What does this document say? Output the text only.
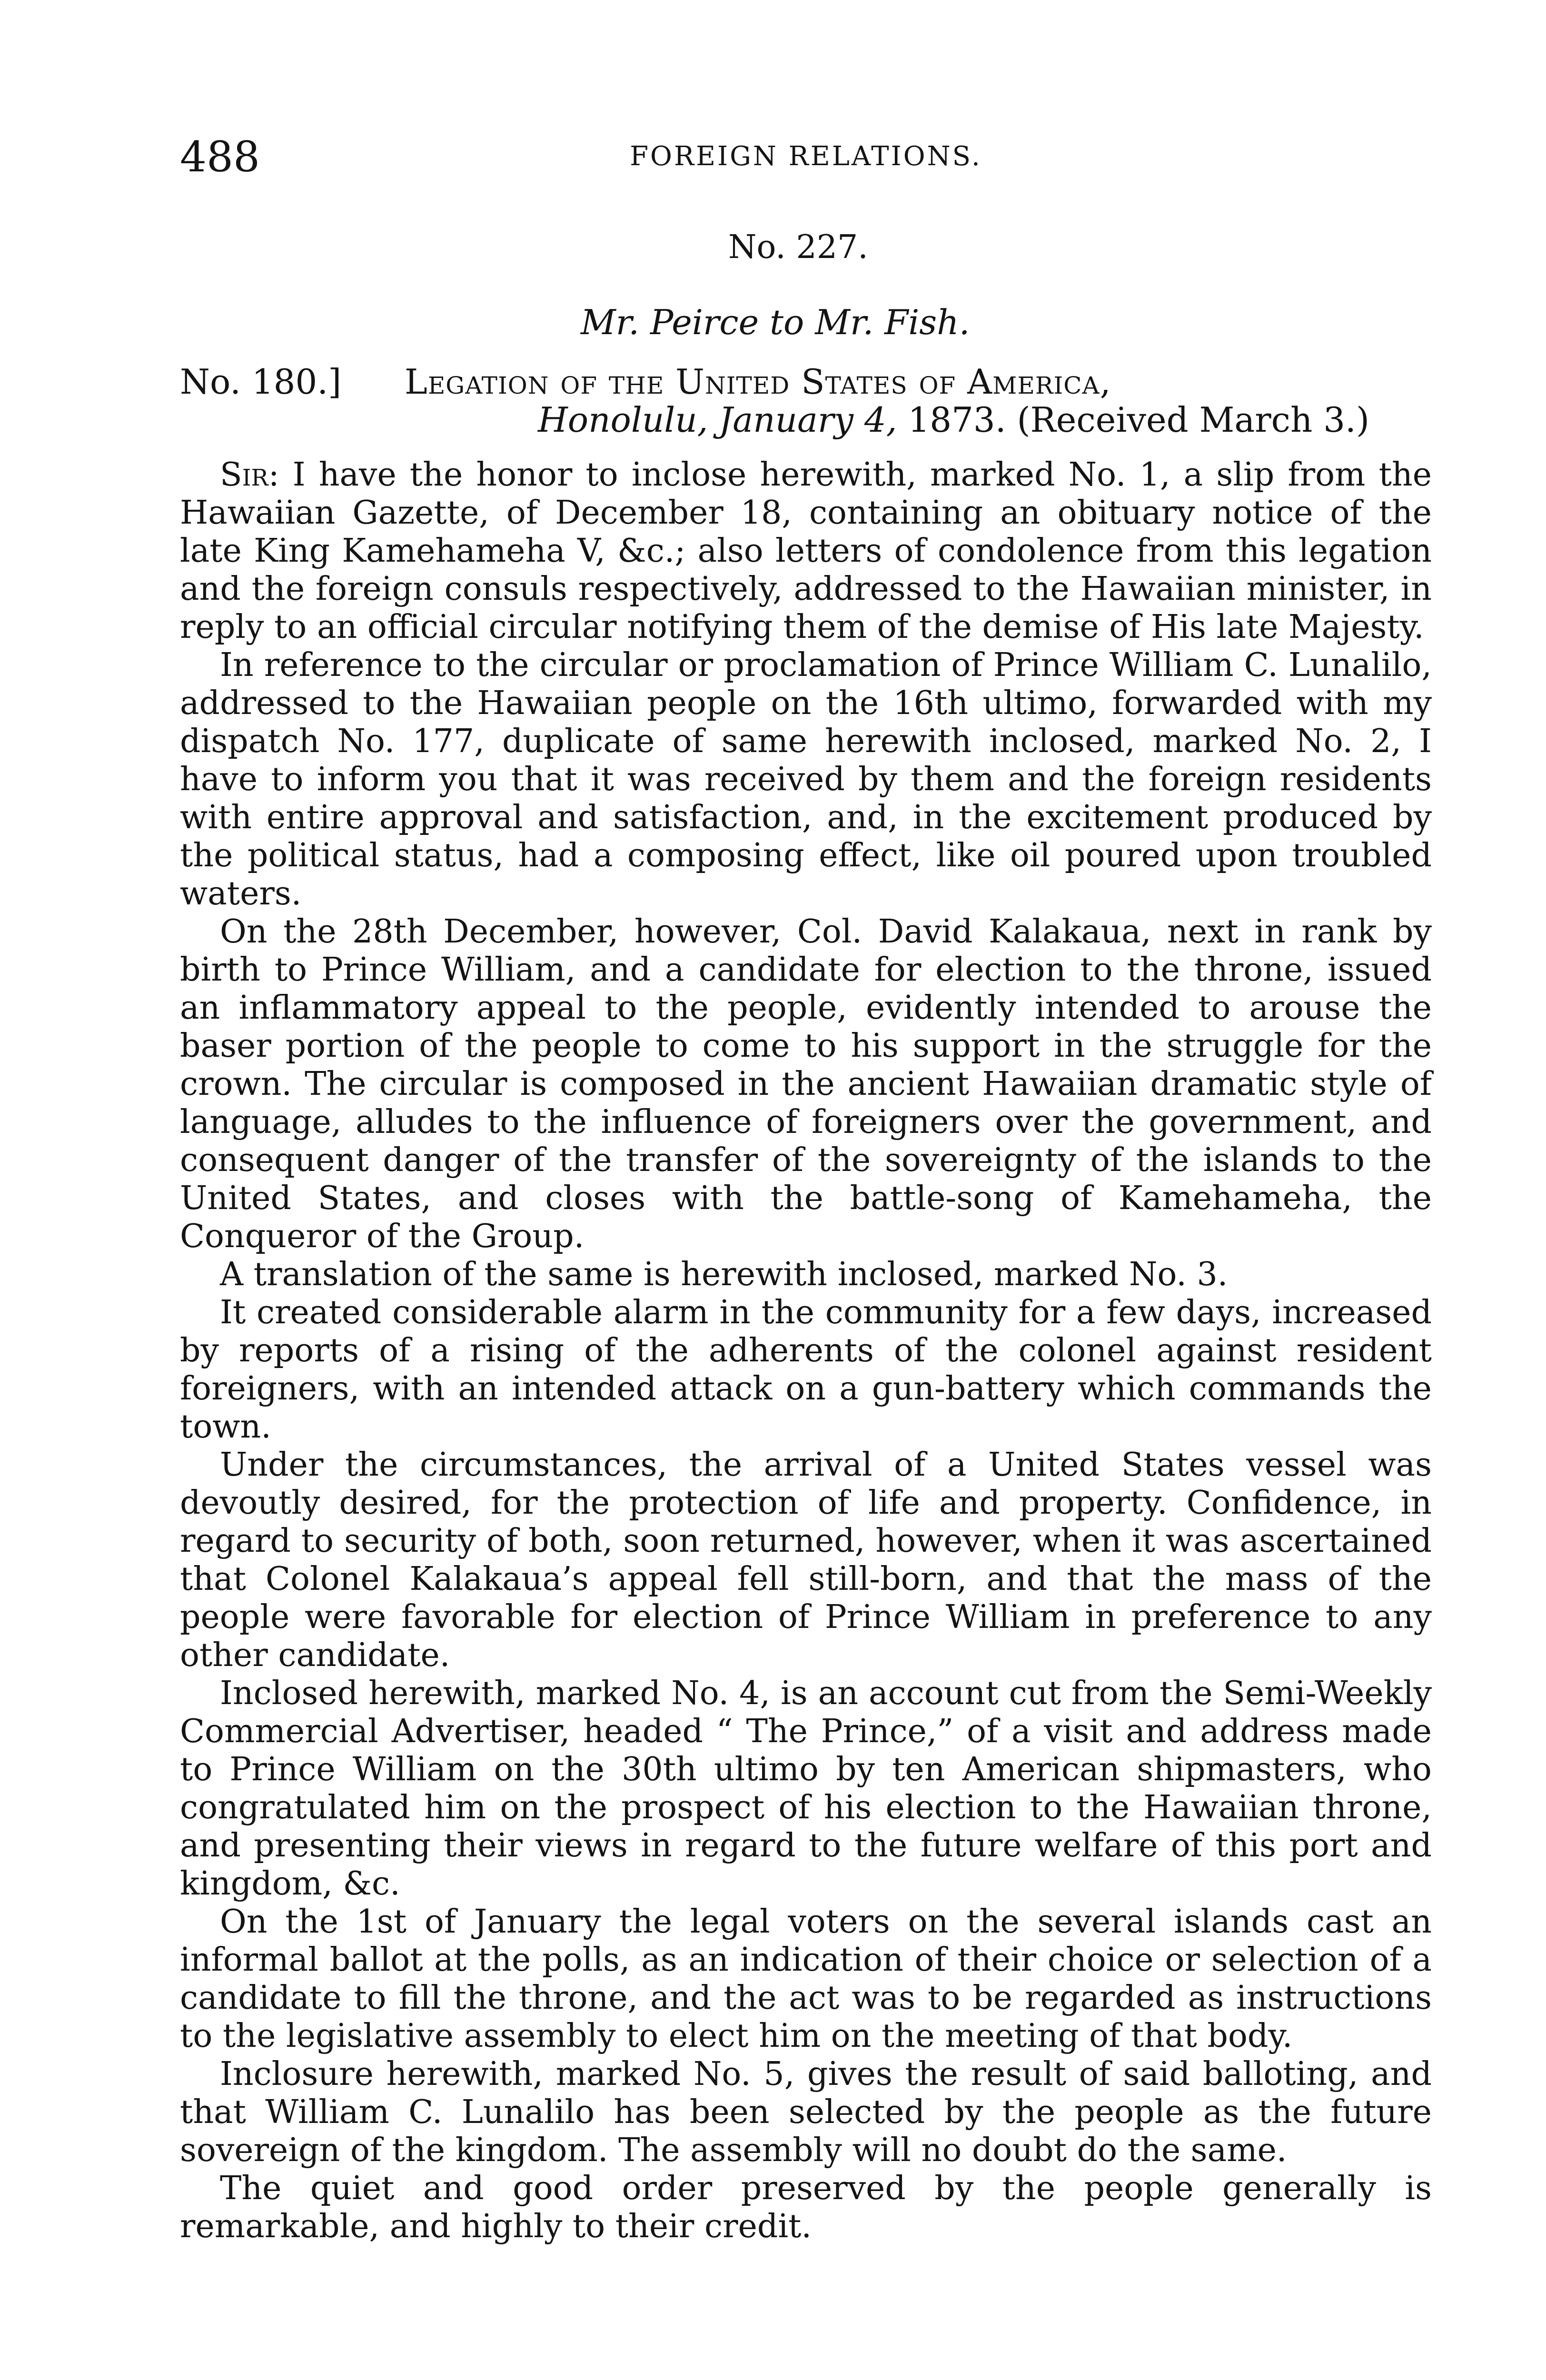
488	FOREIGN RELATIONS.
No. 227.
Mr. Peirce to Mr. Fish.
No. 180.] Legation of the United States of America,
Honolulu, January 4, 1873. (Received March 3.)

Sir: I have the honor to inclose herewith, marked No. 1, a slip from the Hawaiian Gazette, of December 18, containing an obituary notice of the late King Kamehameha V, &c.; also letters of condolence from this legation and the foreign consuls respectively, addressed to the Hawaiian minister, in reply to an official circular notifying them of the demise of His late Majesty.

In reference to the circular or proclamation of Prince William C. Lunalilo, addressed to the Hawaiian people on the 16th ultimo, forwarded with my dispatch No. 177, duplicate of same herewith inclosed, marked No. 2, I have to inform you that it was received by them and the foreign residents with entire approval and satisfaction, and, in the excitement produced by the political status, had a composing effect, like oil poured upon troubled waters.

On the 28th December, however, Col. David Kalakaua, next in rank by birth to Prince William, and a candidate for election to the throne, issued an inflammatory appeal to the people, evidently intended to arouse the baser portion of the people to come to his support in the struggle for the crown. The circular is composed in the ancient Hawaiian dramatic style of language, alludes to the influence of foreigners over the government, and consequent danger of the transfer of the sovereignty of the islands to the United States, and closes with the battle-song of Kamehameha, the Conqueror of the Group.

A translation of the same is herewith inclosed, marked No. 3.

It created considerable alarm in the community for a few days, increased by reports of a rising of the adherents of the colonel against resident foreigners, with an intended attack on a gun-battery which commands the town.

Under the circumstances, the arrival of a United States vessel was devoutly desired, for the protection of life and property. Confidence, in regard to security of both, soon returned, however, when it was ascertained that Colonel Kalakaua’s appeal fell still-born, and that the mass of the people were favorable for election of Prince William in preference to any other candidate.

Inclosed herewith, marked No. 4, is an account cut from the Semi-Weekly Commercial Advertiser, headed “ The Prince,” of a visit and address made to Prince William on the 30th ultimo by ten American shipmasters, who congratulated him on the prospect of his election to the Hawaiian throne, and presenting their views in regard to the future welfare of this port and kingdom, &c.

On the 1st of January the legal voters on the several islands cast an informal ballot at the polls, as an indication of their choice or selection of a candidate to fill the throne, and the act was to be regarded as instructions to the legislative assembly to elect him on the meeting of that body.

Inclosure herewith, marked No. 5, gives the result of said balloting, and that William C. Lunalilo has been selected by the people as the future sovereign of the kingdom. The assembly will no doubt do the same.

The quiet and good order preserved by the people generally is remarkable, and highly to their credit.
